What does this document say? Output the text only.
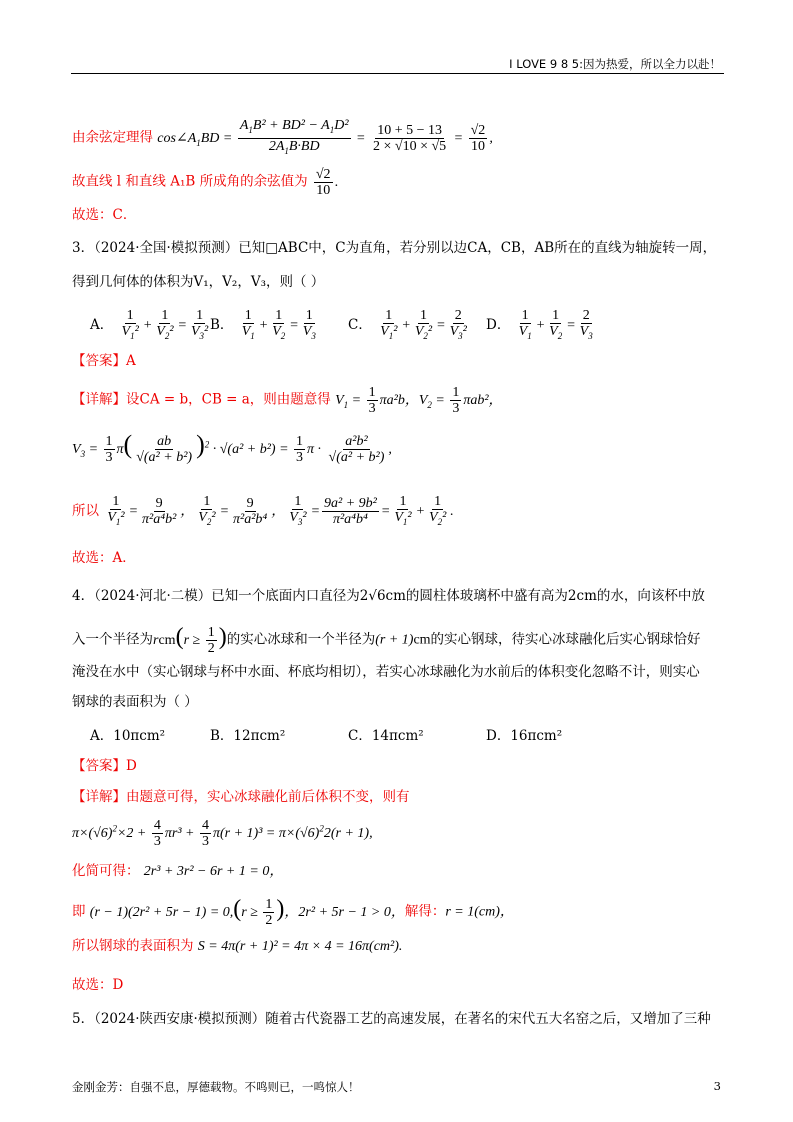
I LOVE 9 8 5:因为热爱，所以全力以赴！
由余弦定理得 $\cos\angle A_1BD = \frac{A_1B^2 + BD^2 - A_1D^2}{2A_1B\cdot BD} = \frac{10 + 5 - 13}{2 \times √10 \times √5} = \frac{√2}{10}$ ,
故直线 l 和直线 A₁B 所成角的余弦值为 $\frac{√2}{10}$ .
故选：C．
3．（2024·全国·模拟预测）已知□ABC中，C为直角，若分别以边CA，CB，AB所在的直线为轴旋转一周，
得到几何体的体积为V₁，V₂，V₃，则（ ）
A． $\frac{1}{V_1^2} + \frac{1}{V_2^2} = \frac{1}{V_3^2}$ B． $\frac{1}{V_1} + \frac{1}{V_2} = \frac{1}{V_3}$ C． $\frac{1}{V_1^2} + \frac{1}{V_2^2} = \frac{2}{V_3^2}$ D． $\frac{1}{V_1} + \frac{1}{V_2} = \frac{2}{V_3}$
【答案】A
【详解】设CA = b，CB = a，则由题意得 $V_1 = \frac{1}{3} \pi a^2b$，$V_2 = \frac{1}{3} \pi ab^2$，
$V_3 = \frac{1}{3} \pi( \frac{ab}{\text{√(a² + b²)}} )^2 \cdot √(a^2 + b^2) = \frac{1}{3}$ $\pi \cdot \frac{\text{a²b²}}{\text{√(a² + b²)}}$ ,
所以 $\frac{1}{V_1^2} = \frac{9}{\text{π²a⁴b²}}$ ， $\frac{1}{V_2^2} = \frac{9}{\text{π²a²b⁴}}$ ， $\frac{1}{V_3^2} = \frac{\text{9a² + 9b²}}{\text{π²a⁴b⁴}} = \frac{1}{V_1^2} + \frac{1}{V_2^2}$ .
故选：A．
4．（2024·河北·二模）已知一个底面内口直径为2√6cm的圆柱体玻璃杯中盛有高为2cm的水，向该杯中放
入一个半径为$rcm(r \ge \frac{1}{2}$ )的实心冰球和一个半径为(r + 1)cm的实心钢球，待实心冰球融化后实心钢球恰好
淹没在水中（实心钢球与杯中水面、杯底均相切），若实心冰球融化为水前后的体积变化忽略不计，则实心
钢球的表面积为（ ）
A．10πcm²	B．12πcm²	C．14πcm²	D．16πcm²
【答案】D
【详解】由题意可得，实心冰球融化前后体积不变，则有
$\pi\times(√6)^2\times 2 + \frac{4}{3} \pi r^3 + \frac{4}{3} \pi(r + 1)^3 = \pi\times(√6)^22(r + 1)$,
化简可得： 2r³ + 3r² − 6r + 1 = 0，
即 $(r - 1)(2r^2 + 5r - 1) = 0,(r \ge \frac{1}{2}$ )，2r² + 5r − 1 > 0，解得：r = 1(cm)，
所以钢球的表面积为 S = 4π(r + 1)² = 4π × 4 = 16π(cm²).
故选：D
5．（2024·陕西安康·模拟预测）随着古代瓷器工艺的高速发展，在著名的宋代五大名窑之后，又增加了三种
金刚金芳：自强不息，厚德载物。不鸣则已，一鸣惊人！	3
